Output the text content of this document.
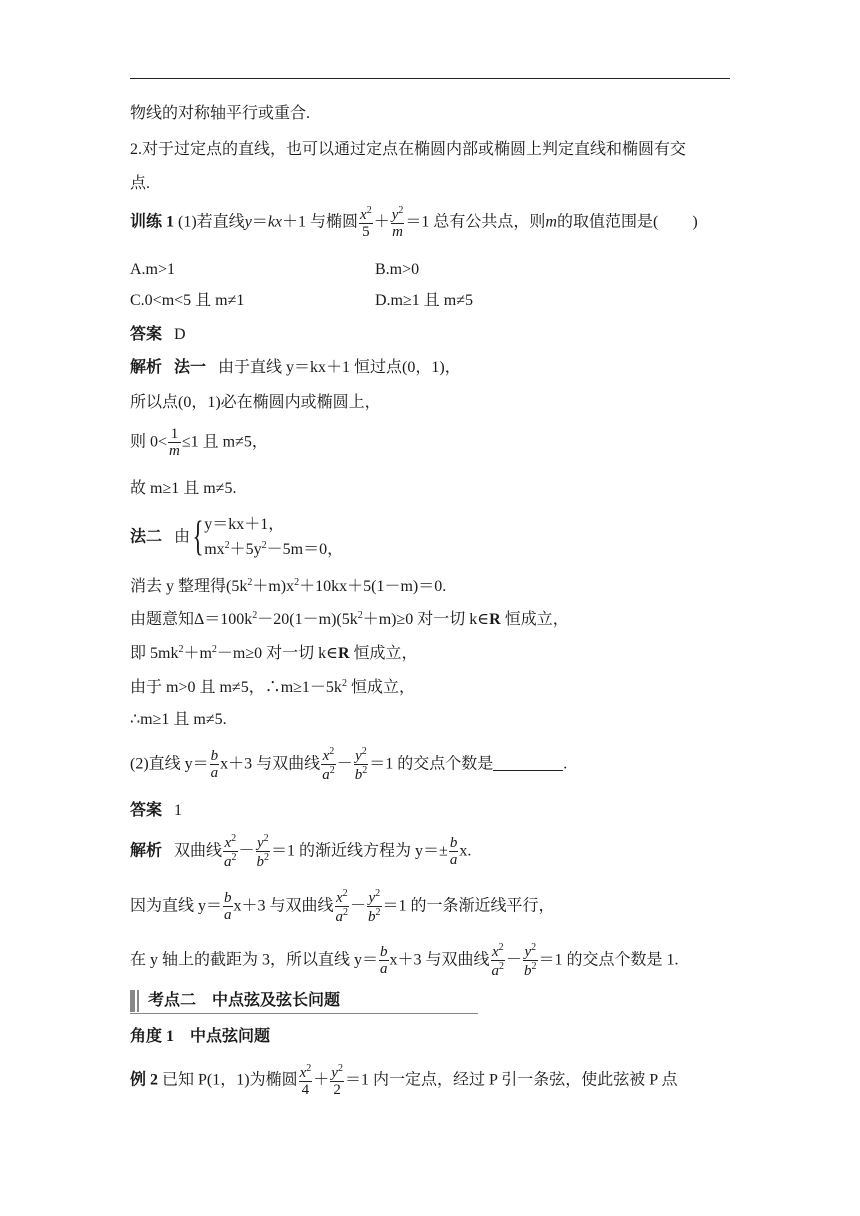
物线的对称轴平行或重合.
2.对于过定点的直线，也可以通过定点在椭圆内部或椭圆上判定直线和椭圆有交
点.
训练 1 (1)若直线y＝kx＋1 与椭圆 $\frac{x^2}{5} + \frac{y^2}{m} =1$ 总有公共点，则m的取值范围是( )
A.m>1	B.m>0
C.0<m<5 且 m≠1	D.m≥1 且 m≠5
答案 D
解析 法一 由于直线 y＝kx＋1 恒过点(0，1)，
所以点(0，1)必在椭圆内或椭圆上，
则 $0< \frac{1}{m} \le 1$ 且 m≠5，
故 m≥1 且 m≠5.
法二 由{ y＝kx＋1，
$mx^2+5y^2-5m=0$，
消去 y 整理得$(5k^2+m)x^2+10kx+5(1-m)=0$.
由题意知$\Delta=100k^2-20(1-m)(5k^2+m)\ge 0$ 对一切 k∈R 恒成立，
即 $5mk^2+m^2-m\ge 0$ 对一切 k∈R 恒成立，
由于 m>0 且 m≠5，$\therefore m\ge 1-5k^2$ 恒成立，
∴m≥1 且 m≠5.
(2)直线 $y= \frac{b}{a} x+3$ 与双曲线 $\frac{x^2}{a^2} - \frac{y^2}{b^2} =1$ 的交点个数是	.
答案 1
解析 双曲线 $\frac{x^2}{a^2} - \frac{y^2}{b^2} =1$ 的渐近线方程为 $y=\pm \frac{b}{a} x$.
因为直线 $y= \frac{b}{a} x+3$ 与双曲线 $\frac{x^2}{a^2} - \frac{y^2}{b^2} =1$ 的一条渐近线平行，
在 y 轴上的截距为 3，所以直线 $y= \frac{b}{a} x+3$ 与双曲线 $\frac{x^2}{a^2} - \frac{y^2}{b^2} =1$ 的交点个数是 1.
考点二　中点弦及弦长问题
角度 1　中点弦问题
例 2 已知 P(1，1)为椭圆 $\frac{x^2}{4} + \frac{y^2}{2} =1$ 内一定点，经过 P 引一条弦，使此弦被 P 点
